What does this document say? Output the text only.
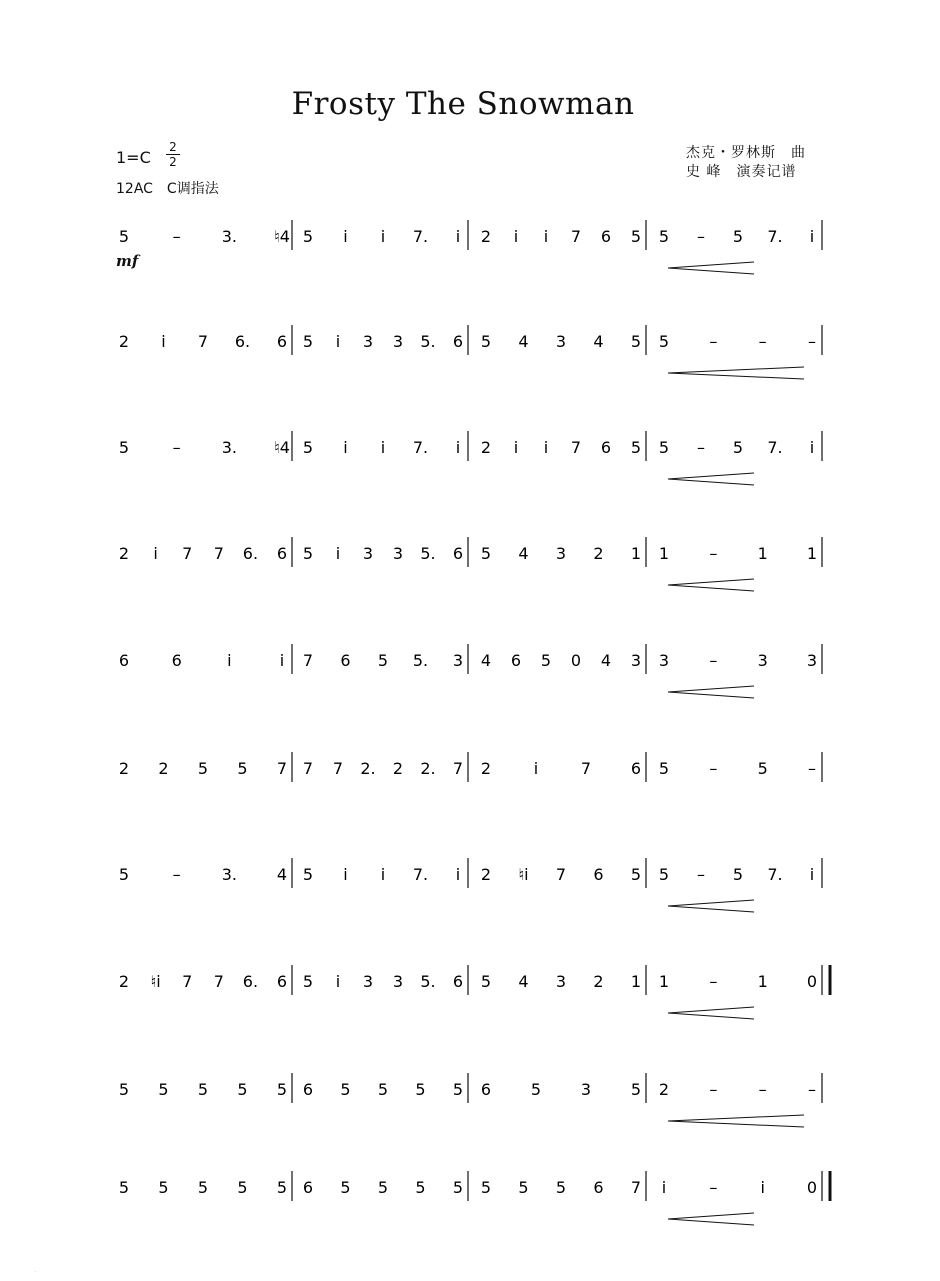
Frosty The Snowman
1=C
2
2
12AC　C调指法
杰克・罗林斯　曲
史 峰　演奏记谱
mf
5	–	3. ♮4 5 i i 7. i 2 i i 7 6 5 5 – 5 7. i
2 i 7 6. 6 5 i 3 3 5. 6 5 4 3 4 5 5	–	–	–
5	–	3. ♮4 5 i i 7. i 2 i i 7 6 5 5 – 5 7. i
2 i 7 7 6. 6 5 i 3 3 5. 6 5 4 3 2 1 1	–	1 1
6	6	i	i 7 6 5 5. 3 4 6 5 0 4 3 3	–	3 3
2 2 5 5 7 7 7 2. 2 2. 7 2	i	7 6 5	–	5	–
5	–	3. 4 5 i i 7. i 2 ♮i 7 6 5 5 – 5 7. i
2 ♮i 7 7 6. 6 5 i 3 3 5. 6 5 4 3 2 1 1	–	1 0
5 5 5 5 5 6 5 5 5 5 6 5 3 5 2	–	–	–
5 5 5 5 5 6 5 5 5 5 5 5 5 6 7 i	–	i	0
．
